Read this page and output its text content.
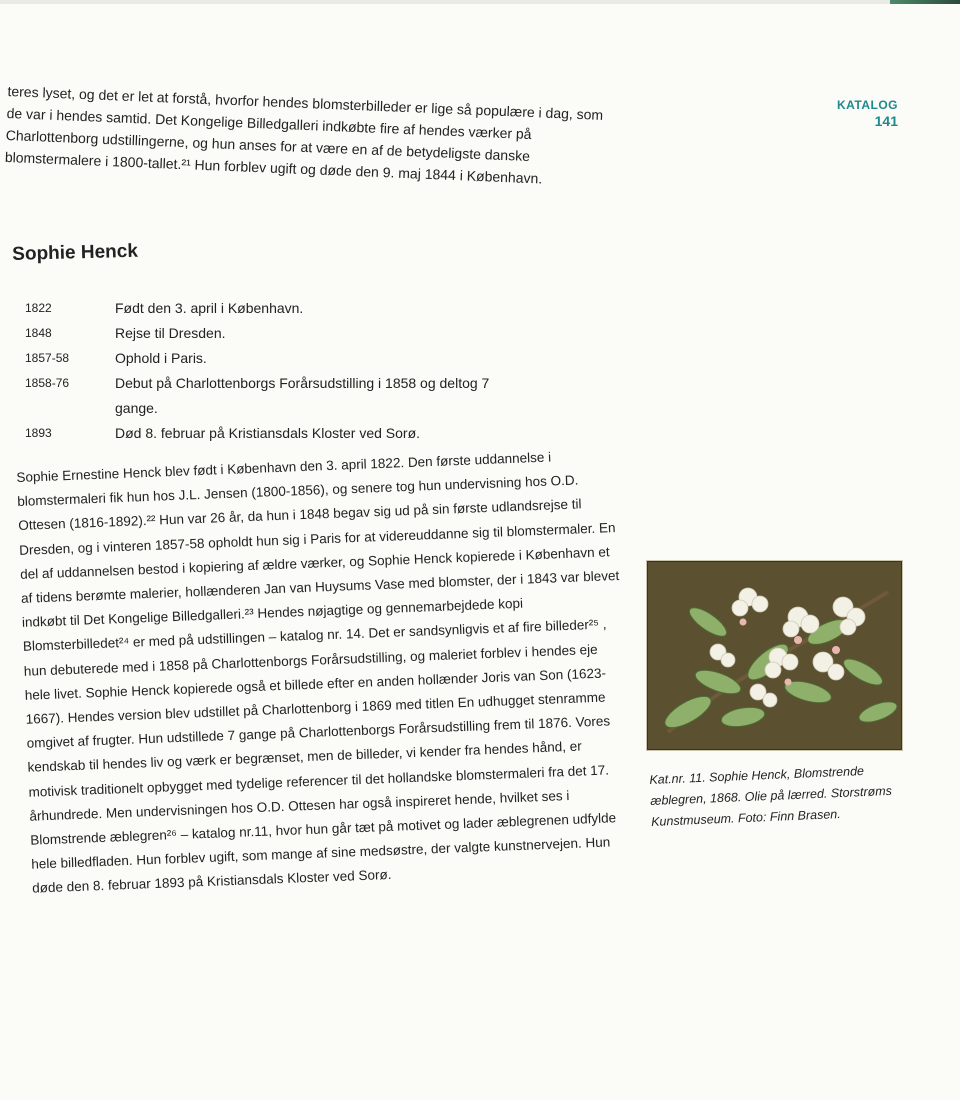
KATALOG
141

teres lyset, og det er let at forstå, hvorfor hendes blomsterbilleder er lige så populære i dag, som de var i hendes samtid. Det Kongelige Billedgalleri indkøbte fire af hendes værker på Charlottenborg udstillingerne, og hun anses for at være en af de betydeligste danske blomstermalere i 1800-tallet.²¹ Hun forblev ugift og døde den 9. maj 1844 i København.

Sophie Henck
1822	Født den 3. april i København.
1848	Rejse til Dresden.
1857-58	Ophold i Paris.
1858-76	Debut på Charlottenborgs Forårsudstilling i 1858 og deltog 7 gange.
1893	Død 8. februar på Kristiansdals Kloster ved Sorø.

Sophie Ernestine Henck blev født i København den 3. april 1822. Den første uddannelse i blomstermaleri fik hun hos J.L. Jensen (1800-1856), og senere tog hun undervisning hos O.D. Ottesen (1816-1892).²² Hun var 26 år, da hun i 1848 begav sig ud på sin første udlandsrejse til Dresden, og i vinteren 1857-58 opholdt hun sig i Paris for at videreuddanne sig til blomstermaler. En del af uddannelsen bestod i kopiering af ældre værker, og Sophie Henck kopierede i København et af tidens berømte malerier, hollænderen Jan van Huysums Vase med blomster, der i 1843 var blevet indkøbt til Det Kongelige Billedgalleri.²³ Hendes nøjagtige og gennemarbejdede kopi Blomsterbilledet²⁴ er med på udstillingen – katalog nr. 14. Det er sandsynligvis et af fire billeder²⁵ , hun debuterede med i 1858 på Charlottenborgs Forårsudstilling, og maleriet forblev i hendes eje hele livet. Sophie Henck kopierede også et billede efter en anden hollænder Joris van Son (1623-1667). Hendes version blev udstillet på Charlottenborg i 1869 med titlen En udhugget stenramme omgivet af frugter. Hun udstillede 7 gange på Charlottenborgs Forårsudstilling frem til 1876. Vores kendskab til hendes liv og værk er begrænset, men de billeder, vi kender fra hendes hånd, er motivisk traditionelt opbygget med tydelige referencer til det hollandske blomstermaleri fra det 17. århundrede. Men undervisningen hos O.D. Ottesen har også inspireret hende, hvilket ses i Blomstrende æblegren²⁶ – katalog nr.11, hvor hun går tæt på motivet og lader æblegrenen udfylde hele billedfladen. Hun forblev ugift, som mange af sine medsøstre, der valgte kunstnervejen. Hun døde den 8. februar 1893 på Kristiansdals Kloster ved Sorø.

Kat.nr. 11. Sophie Henck, Blomstrende æblegren, 1868. Olie på lærred. Storstrøms Kunstmuseum. Foto: Finn Brasen.
